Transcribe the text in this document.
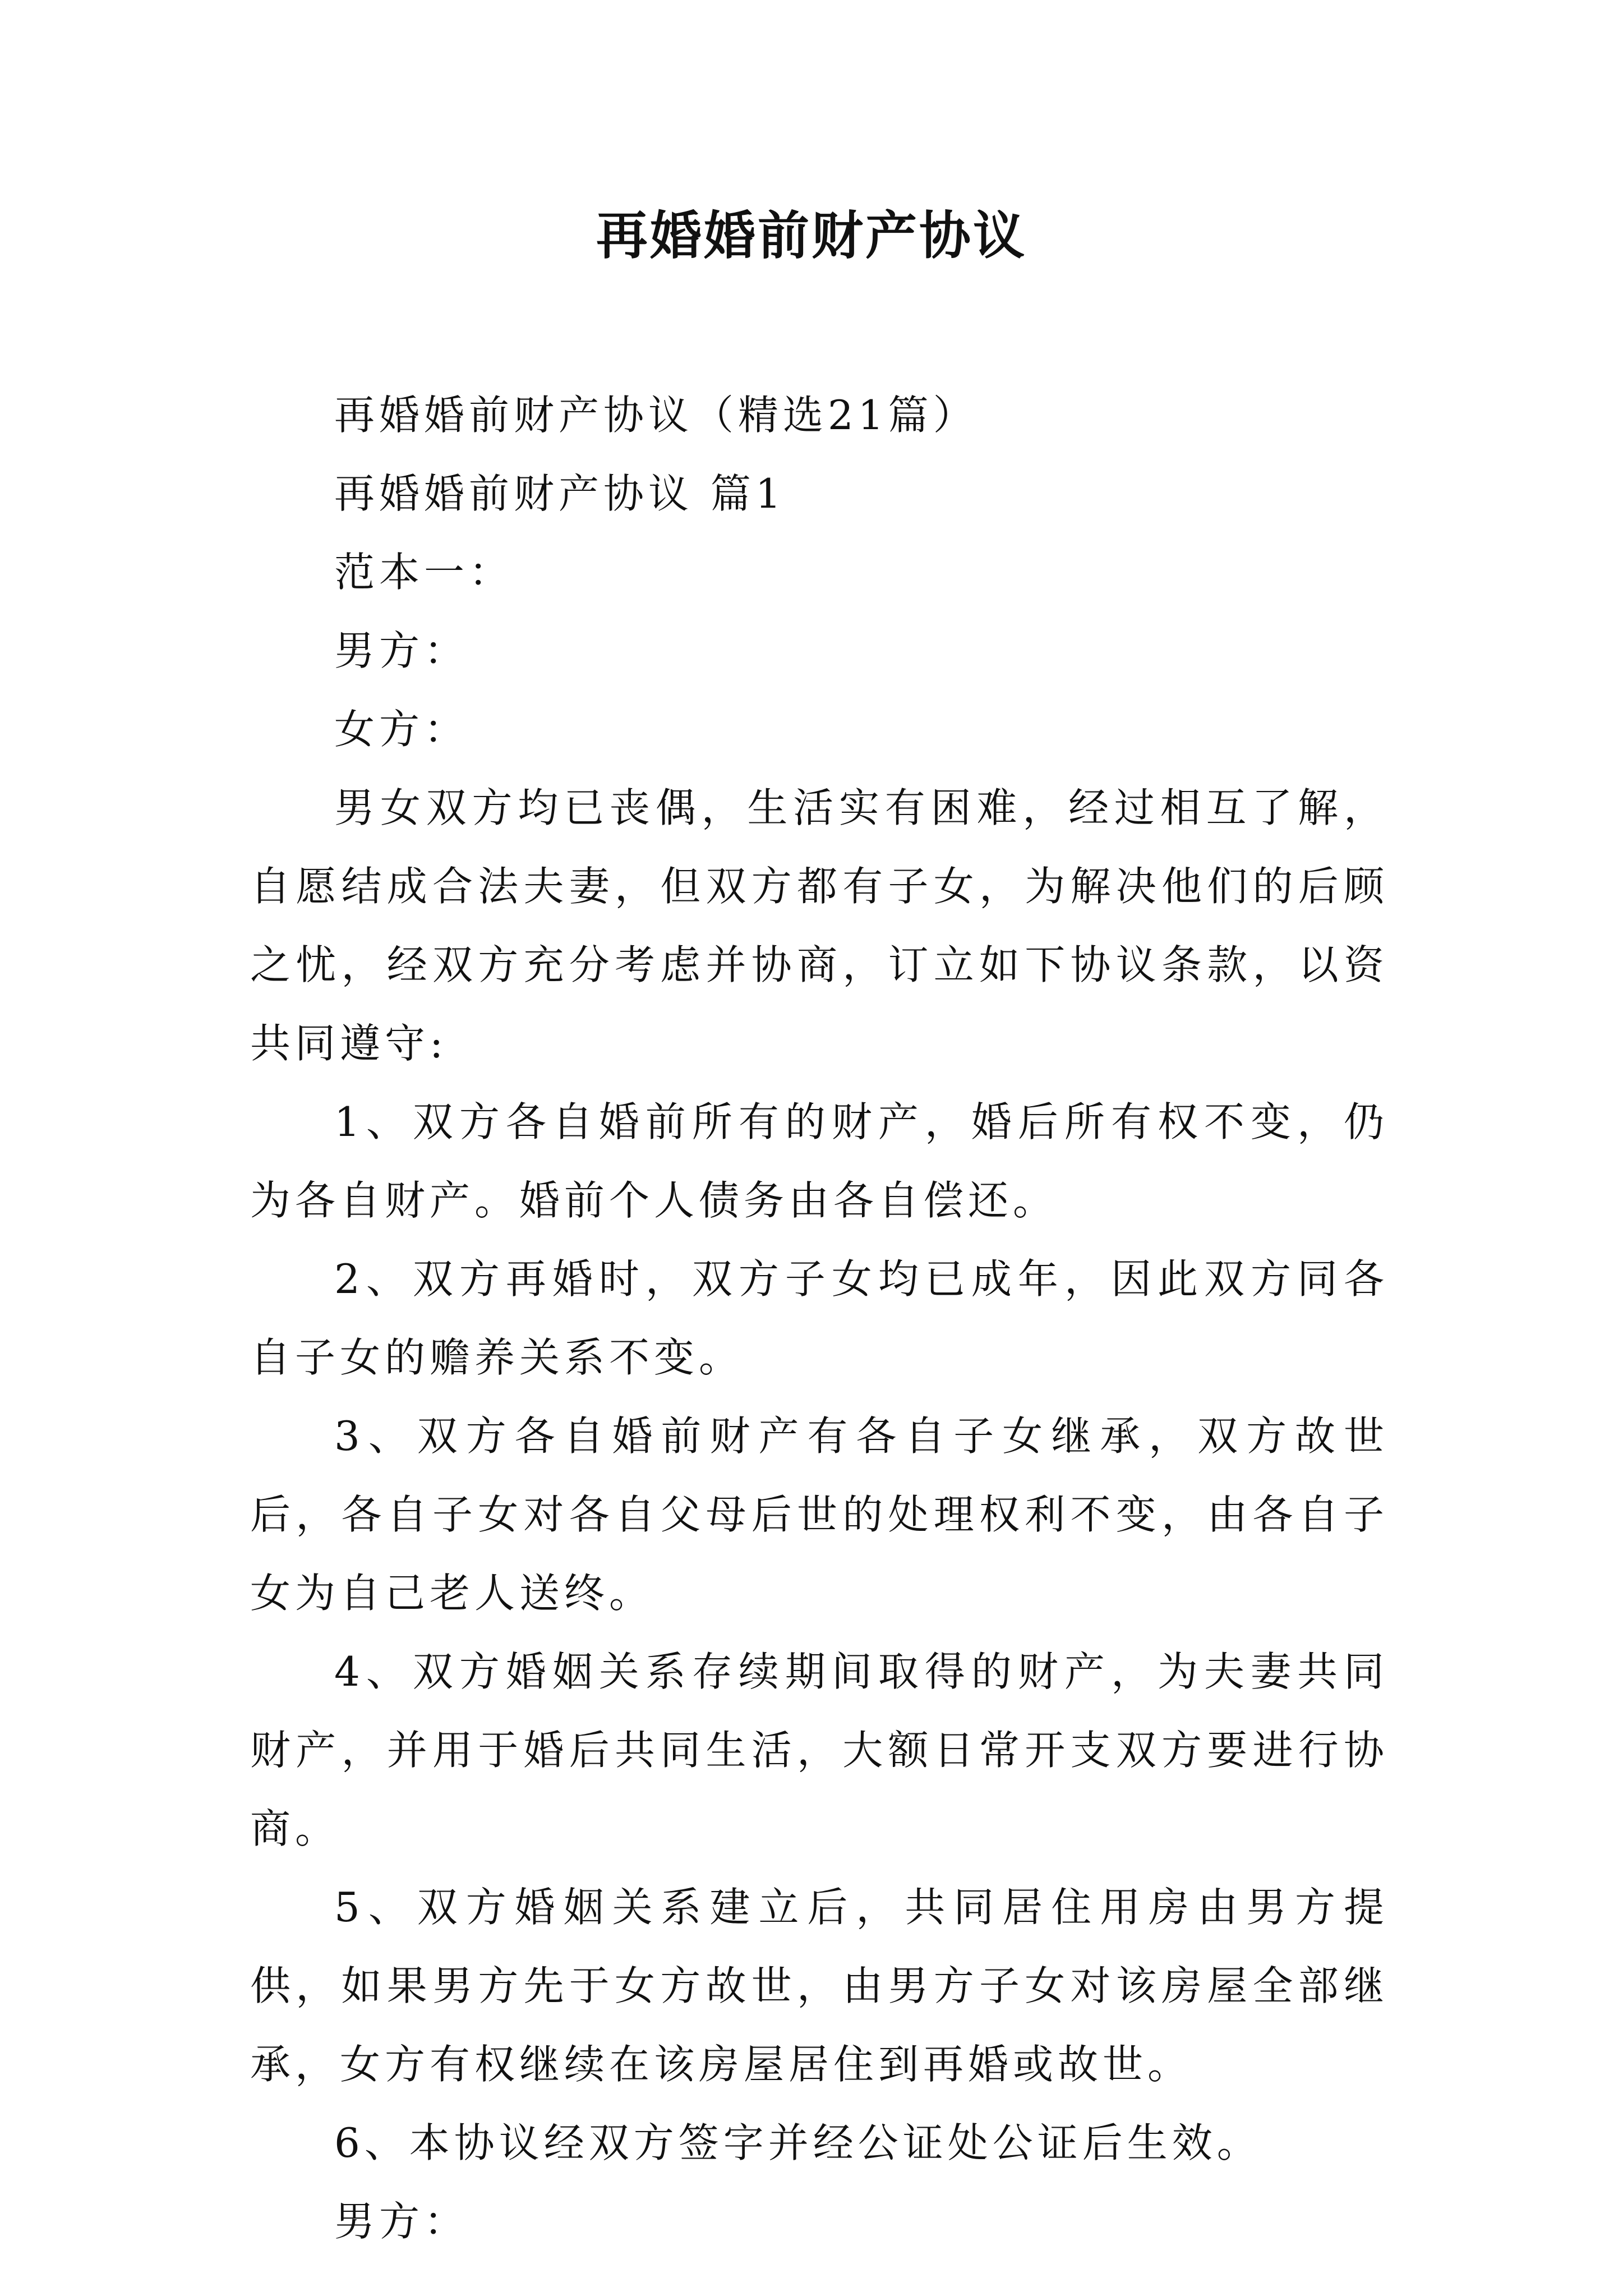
再婚婚前财产协议

再婚婚前财产协议（精选21篇）

再婚婚前财产协议 篇1

范本一：

男方：

女方：

男女双方均已丧偶，生活实有困难，经过相互了解，自愿结成合法夫妻，但双方都有子女，为解决他们的后顾之忧，经双方充分考虑并协商，订立如下协议条款，以资共同遵守:

1、双方各自婚前所有的财产，婚后所有权不变，仍为各自财产。婚前个人债务由各自偿还。

2、双方再婚时，双方子女均已成年，因此双方同各自子女的赡养关系不变。

3、双方各自婚前财产有各自子女继承，双方故世后，各自子女对各自父母后世的处理权利不变，由各自子女为自己老人送终。

4、双方婚姻关系存续期间取得的财产，为夫妻共同财产，并用于婚后共同生活，大额日常开支双方要进行协商。

5、双方婚姻关系建立后，共同居住用房由男方提供，如果男方先于女方故世，由男方子女对该房屋全部继承，女方有权继续在该房屋居住到再婚或故世。

6、本协议经双方签字并经公证处公证后生效。

男方：
